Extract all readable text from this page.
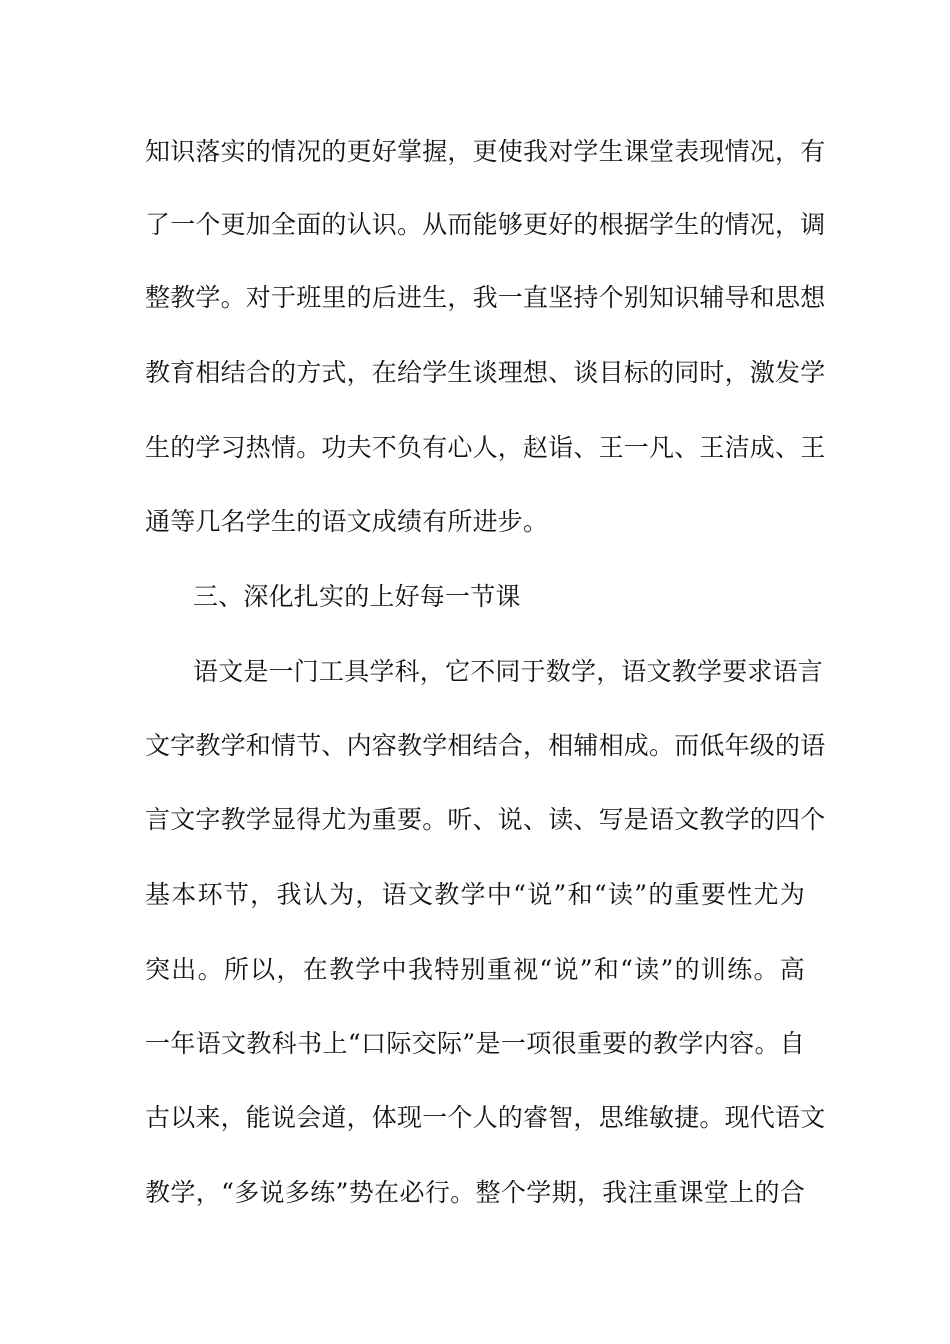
知识落实的情况的更好掌握，更使我对学生课堂表现情况，有
了一个更加全面的认识。从而能够更好的根据学生的情况，调
整教学。对于班里的后进生，我一直坚持个别知识辅导和思想
教育相结合的方式，在给学生谈理想、谈目标的同时，激发学
生的学习热情。功夫不负有心人，赵诣、王一凡、王洁成、王
通等几名学生的语文成绩有所进步。
三、深化扎实的上好每一节课
语文是一门工具学科，它不同于数学，语文教学要求语言
文字教学和情节、内容教学相结合，相辅相成。而低年级的语
言文字教学显得尤为重要。听、说、读、写是语文教学的四个
基本环节，我认为，语文教学中“说”和“读”的重要性尤为
突出。所以，在教学中我特别重视“说”和“读”的训练。高
一年语文教科书上“口际交际”是一项很重要的教学内容。自
古以来，能说会道，体现一个人的睿智，思维敏捷。现代语文
教学，“多说多练”势在必行。整个学期，我注重课堂上的合
